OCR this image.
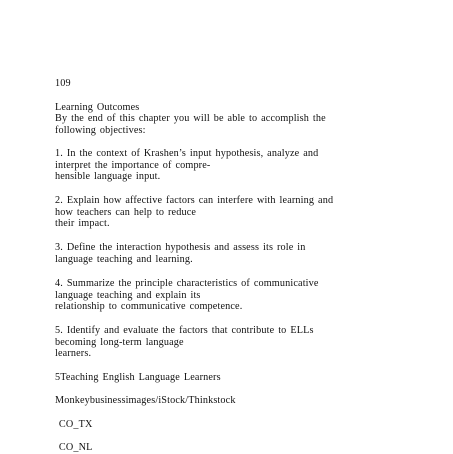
109
Learning Outcomes
By the end of this chapter you will be able to accomplish the
following objectives:
1. In the context of Krashen’s input hypothesis, analyze and
interpret the importance of compre-
hensible language input.
2. Explain how affective factors can interfere with learning and
how teachers can help to reduce
their impact.
3. Define the interaction hypothesis and assess its role in
language teaching and learning.
4. Summarize the principle characteristics of communicative
language teaching and explain its
relationship to communicative competence.
5. Identify and evaluate the factors that contribute to ELLs
becoming long-term language
learners.
5Teaching English Language Learners
Monkeybusinessimages/iStock/Thinkstock
CO_TX
CO_NL
